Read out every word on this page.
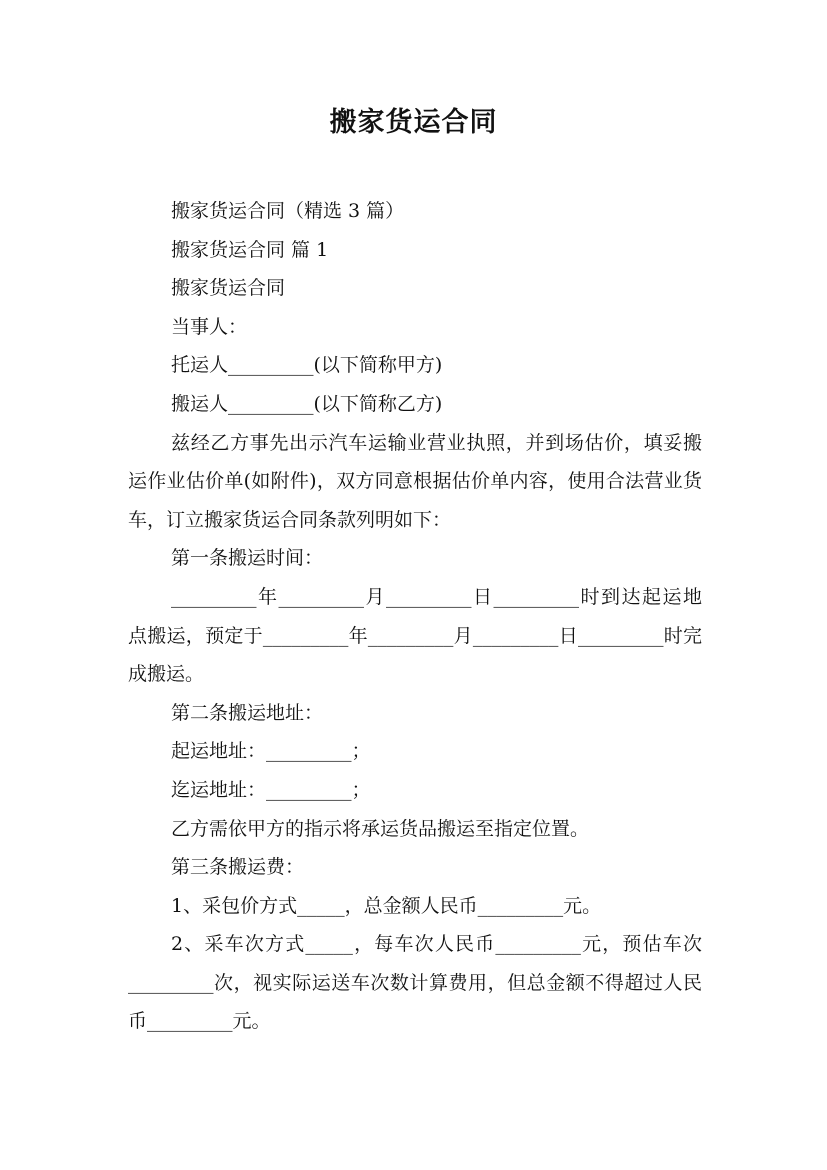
搬家货运合同

搬家货运合同（精选 3 篇）

搬家货运合同 篇 1

搬家货运合同

当事人：

托运人_________(以下简称甲方)

搬运人_________(以下简称乙方)

兹经乙方事先出示汽车运输业营业执照，并到场估价，填妥搬运作业估价单(如附件)，双方同意根据估价单内容，使用合法营业货车，订立搬家货运合同条款列明如下：

第一条搬运时间：

_________年_________月_________日_________时到达起运地点搬运，预定于_________年_________月_________日_________时完成搬运。

第二条搬运地址：

起运地址：_________；

迄运地址：_________；

乙方需依甲方的指示将承运货品搬运至指定位置。

第三条搬运费：

1、采包价方式_____，总金额人民币_________元。

2、采车次方式_____，每车次人民币_________元，预估车次_________次，视实际运送车次数计算费用，但总金额不得超过人民币_________元。
